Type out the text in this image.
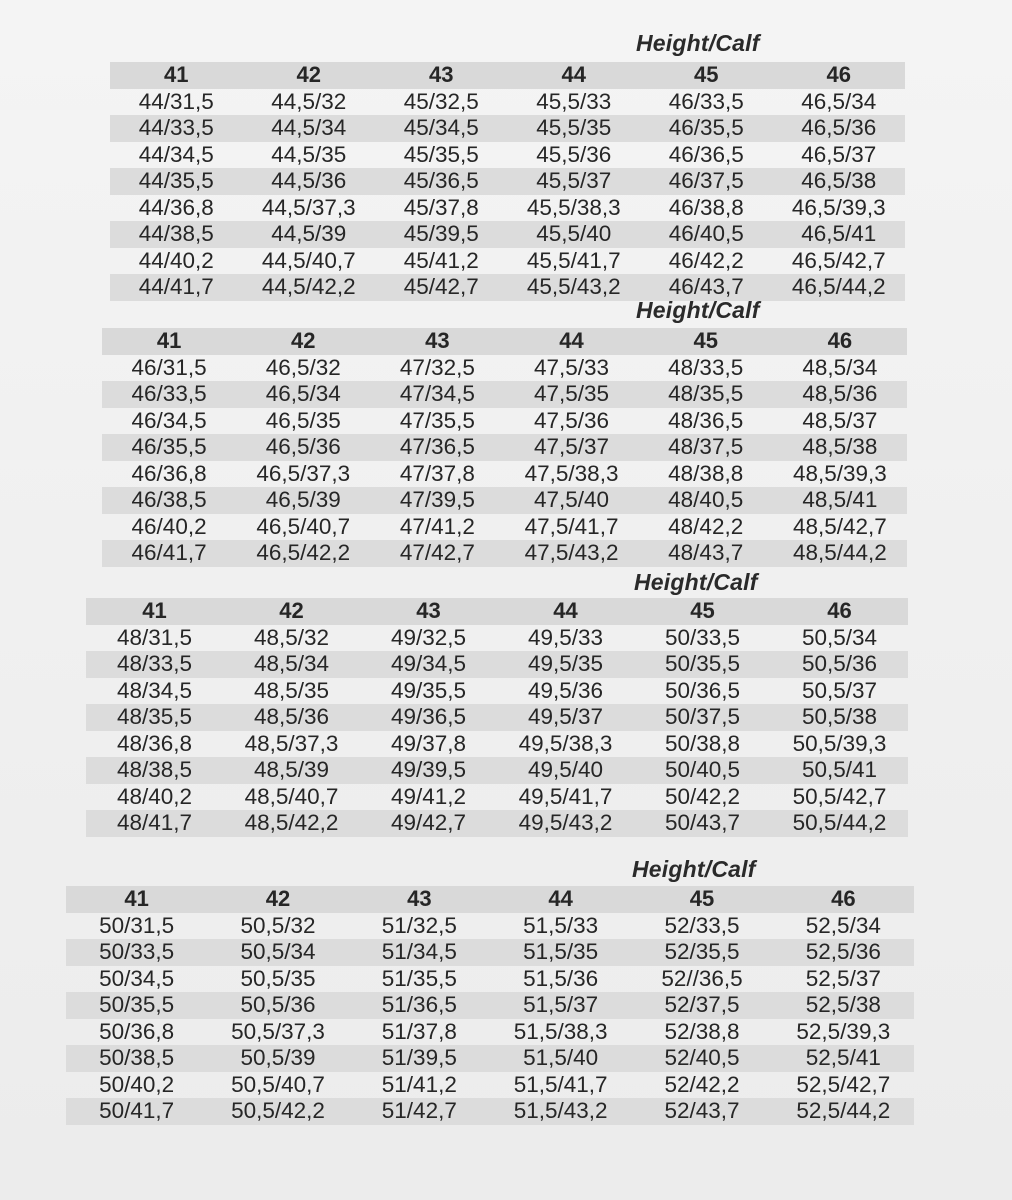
Height/Calf
41	42	43	44	45	46
44/31,5	44,5/32	45/32,5	45,5/33	46/33,5	46,5/34
44/33,5	44,5/34	45/34,5	45,5/35	46/35,5	46,5/36
44/34,5	44,5/35	45/35,5	45,5/36	46/36,5	46,5/37
44/35,5	44,5/36	45/36,5	45,5/37	46/37,5	46,5/38
44/36,8	44,5/37,3	45/37,8	45,5/38,3	46/38,8	46,5/39,3
44/38,5	44,5/39	45/39,5	45,5/40	46/40,5	46,5/41
44/40,2	44,5/40,7	45/41,2	45,5/41,7	46/42,2	46,5/42,7
44/41,7	44,5/42,2	45/42,7	45,5/43,2	46/43,7	46,5/44,2
Height/Calf
41	42	43	44	45	46
46/31,5	46,5/32	47/32,5	47,5/33	48/33,5	48,5/34
46/33,5	46,5/34	47/34,5	47,5/35	48/35,5	48,5/36
46/34,5	46,5/35	47/35,5	47,5/36	48/36,5	48,5/37
46/35,5	46,5/36	47/36,5	47,5/37	48/37,5	48,5/38
46/36,8	46,5/37,3	47/37,8	47,5/38,3	48/38,8	48,5/39,3
46/38,5	46,5/39	47/39,5	47,5/40	48/40,5	48,5/41
46/40,2	46,5/40,7	47/41,2	47,5/41,7	48/42,2	48,5/42,7
46/41,7	46,5/42,2	47/42,7	47,5/43,2	48/43,7	48,5/44,2
Height/Calf
41	42	43	44	45	46
48/31,5	48,5/32	49/32,5	49,5/33	50/33,5	50,5/34
48/33,5	48,5/34	49/34,5	49,5/35	50/35,5	50,5/36
48/34,5	48,5/35	49/35,5	49,5/36	50/36,5	50,5/37
48/35,5	48,5/36	49/36,5	49,5/37	50/37,5	50,5/38
48/36,8	48,5/37,3	49/37,8	49,5/38,3	50/38,8	50,5/39,3
48/38,5	48,5/39	49/39,5	49,5/40	50/40,5	50,5/41
48/40,2	48,5/40,7	49/41,2	49,5/41,7	50/42,2	50,5/42,7
48/41,7	48,5/42,2	49/42,7	49,5/43,2	50/43,7	50,5/44,2
Height/Calf
41	42	43	44	45	46
50/31,5	50,5/32	51/32,5	51,5/33	52/33,5	52,5/34
50/33,5	50,5/34	51/34,5	51,5/35	52/35,5	52,5/36
50/34,5	50,5/35	51/35,5	51,5/36	52//36,5	52,5/37
50/35,5	50,5/36	51/36,5	51,5/37	52/37,5	52,5/38
50/36,8	50,5/37,3	51/37,8	51,5/38,3	52/38,8	52,5/39,3
50/38,5	50,5/39	51/39,5	51,5/40	52/40,5	52,5/41
50/40,2	50,5/40,7	51/41,2	51,5/41,7	52/42,2	52,5/42,7
50/41,7	50,5/42,2	51/42,7	51,5/43,2	52/43,7	52,5/44,2
